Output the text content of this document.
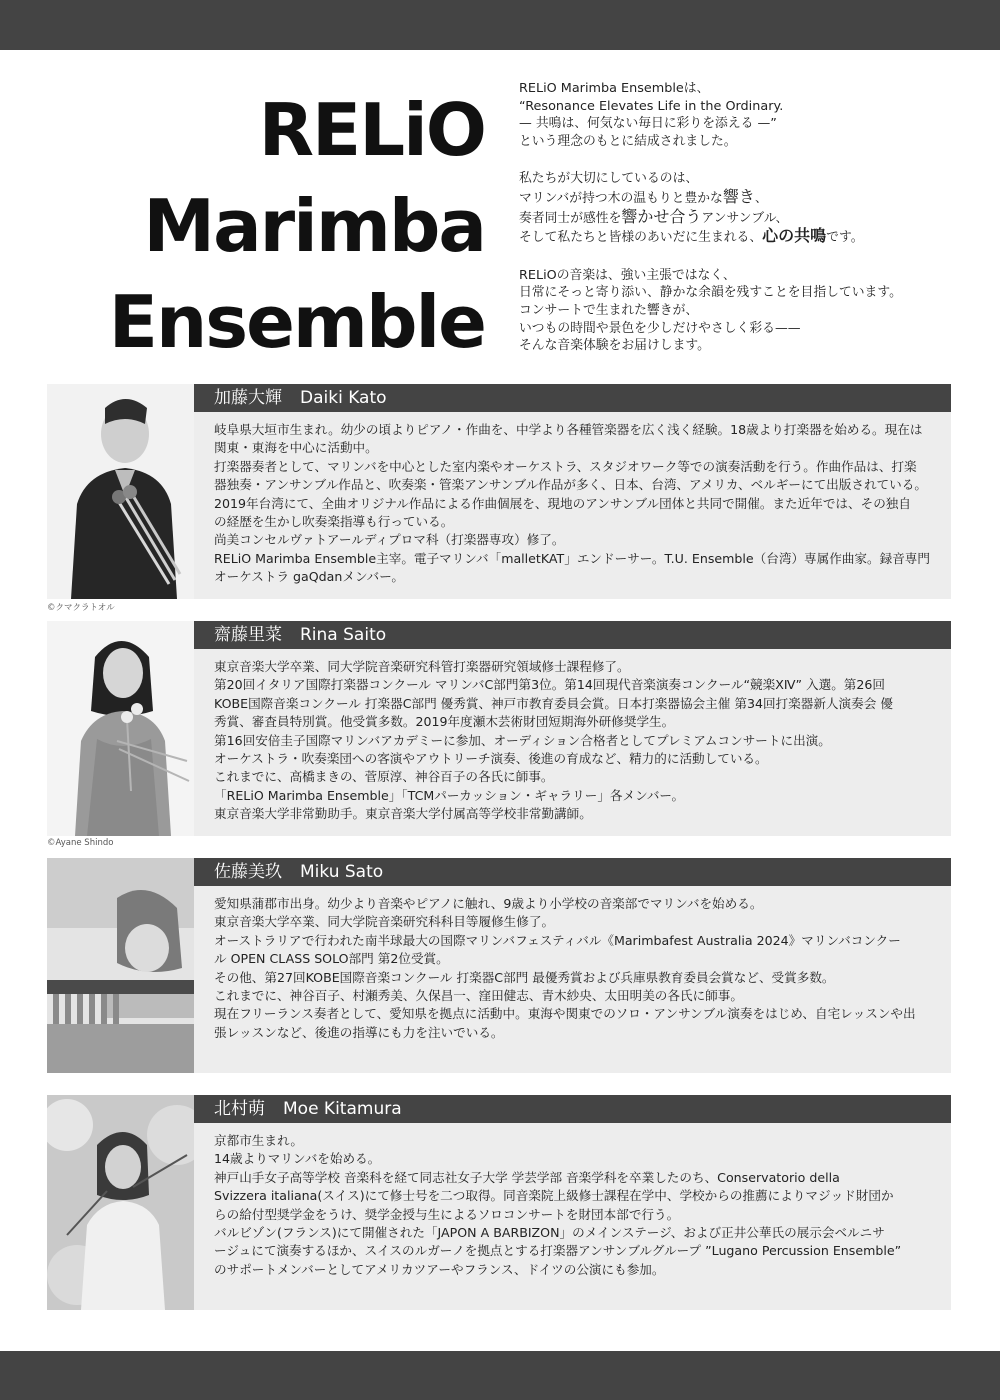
RELiO
Marimba
Ensemble

RELiO Marimba Ensembleは、
“Resonance Elevates Life in the Ordinary.
— 共鳴は、何気ない毎日に彩りを添える —”
という理念のもとに結成されました。

私たちが大切にしているのは、
マリンバが持つ木の温もりと豊かな響き、
奏者同士が感性を響かせ合うアンサンブル、
そして私たちと皆様のあいだに生まれる、心の共鳴です。

RELiOの音楽は、強い主張ではなく、
日常にそっと寄り添い、静かな余韻を残すことを目指しています。
コンサートで生まれた響きが、
いつもの時間や景色を少しだけやさしく彩る——
そんな音楽体験をお届けします。

加藤大輝 Daiki Kato
岐阜県大垣市生まれ。幼少の頃よりピアノ・作曲を、中学より各種管楽器を広く浅く経験。18歳より打楽器を始める。現在は
関東・東海を中心に活動中。
打楽器奏者として、マリンバを中心とした室内楽やオーケストラ、スタジオワーク等での演奏活動を行う。作曲作品は、打楽
器独奏・アンサンブル作品と、吹奏楽・管楽アンサンブル作品が多く、日本、台湾、アメリカ、ベルギーにて出版されている。
2019年台湾にて、全曲オリジナル作品による作曲個展を、現地のアンサンブル団体と共同で開催。また近年では、その独自
の経歴を生かし吹奏楽指導も行っている。
尚美コンセルヴァトアールディプロマ科（打楽器専攻）修了。
RELiO Marimba Ensemble主宰。電子マリンバ「malletKAT」エンドーサー。T.U. Ensemble（台湾）専属作曲家。録音専門
オーケストラ gaQdanメンバー。
©クマクラトオル
齋藤里菜 Rina Saito
東京音楽大学卒業、同大学院音楽研究科管打楽器研究領域修士課程修了。
第20回イタリア国際打楽器コンクール マリンバC部門第3位。第14回現代音楽演奏コンクール“競楽ⅩⅣ” 入選。第26回
KOBE国際音楽コンクール 打楽器C部門 優秀賞、神戸市教育委員会賞。日本打楽器協会主催 第34回打楽器新人演奏会 優
秀賞、審査員特別賞。他受賞多数。2019年度瀬木芸術財団短期海外研修奨学生。
第16回安倍圭子国際マリンバアカデミーに参加、オーディション合格者としてプレミアムコンサートに出演。
オーケストラ・吹奏楽団への客演やアウトリーチ演奏、後進の育成など、精力的に活動している。
これまでに、高橋まきの、菅原淳、神谷百子の各氏に師事。
「RELiO Marimba Ensemble」「TCMパーカッション・ギャラリー」各メンバー。
東京音楽大学非常勤助手。東京音楽大学付属高等学校非常勤講師。
©Ayane Shindo
佐藤美玖 Miku Sato
愛知県蒲郡市出身。幼少より音楽やピアノに触れ、9歳より小学校の音楽部でマリンバを始める。
東京音楽大学卒業、同大学院音楽研究科科目等履修生修了。
オーストラリアで行われた南半球最大の国際マリンバフェスティバル《Marimbafest Australia 2024》マリンバコンクー
ル OPEN CLASS SOLO部門 第2位受賞。
その他、第27回KOBE国際音楽コンクール 打楽器C部門 最優秀賞および兵庫県教育委員会賞など、受賞多数。
これまでに、神谷百子、村瀬秀美、久保昌一、窪田健志、青木紗央、太田明美の各氏に師事。
現在フリーランス奏者として、愛知県を拠点に活動中。東海や関東でのソロ・アンサンブル演奏をはじめ、自宅レッスンや出
張レッスンなど、後進の指導にも力を注いでいる。
北村萌 Moe Kitamura
京都市生まれ。
14歳よりマリンバを始める。
神戸山手女子高等学校 音楽科を経て同志社女子大学 学芸学部 音楽学科を卒業したのち、Conservatorio della
Svizzera italiana(スイス)にて修士号を二つ取得。同音楽院上級修士課程在学中、学校からの推薦によりマジッド財団か
らの給付型奨学金をうけ、奨学金授与生によるソロコンサートを財団本部で行う。
バルビゾン(フランス)にて開催された「JAPON A BARBIZON」のメインステージ、および正井公華氏の展示会ベルニサ
ージュにて演奏するほか、スイスのルガーノを拠点とする打楽器アンサンブルグループ ”Lugano Percussion Ensemble”
のサポートメンバーとしてアメリカツアーやフランス、ドイツの公演にも参加。
